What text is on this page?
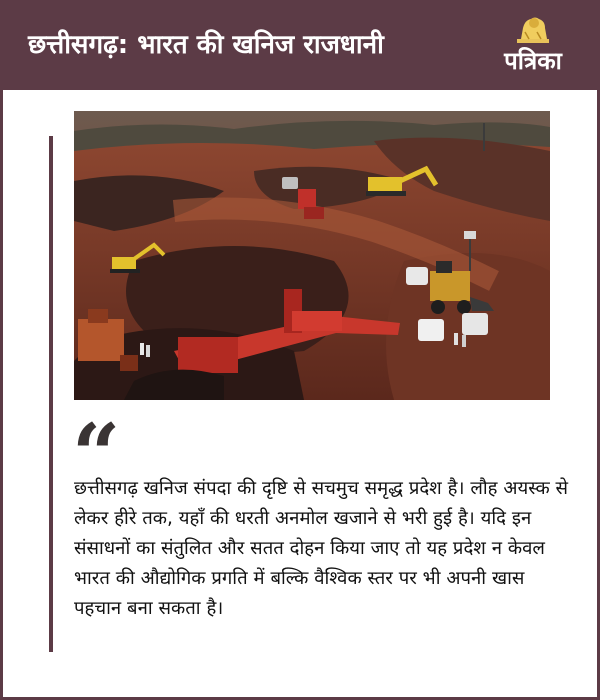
छत्तीसगढ़: भारत की खनिज राजधानी
पत्रिका
“

छत्तीसगढ़ खनिज संपदा की दृष्टि से सचमुच समृद्ध प्रदेश है। लौह अयस्क से लेकर हीरे तक, यहाँ की धरती अनमोल खजाने से भरी हुई है। यदि इन संसाधनों का संतुलित और सतत दोहन किया जाए तो यह प्रदेश न केवल भारत की औद्योगिक प्रगति में बल्कि वैश्विक स्तर पर भी अपनी खास पहचान बना सकता है।
